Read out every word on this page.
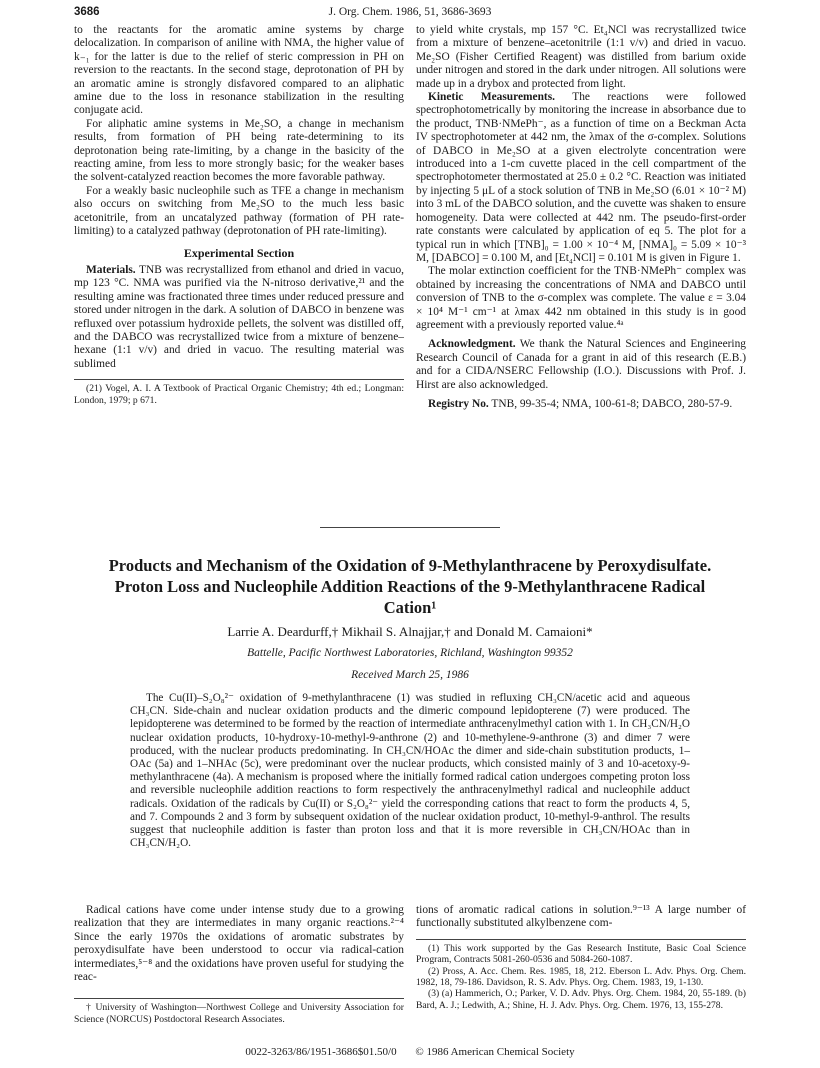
3686	J. Org. Chem. 1986, 51, 3686-3693

to the reactants for the aromatic amine systems by charge delocalization. In comparison of aniline with NMA, the higher value of k₋₁ for the latter is due to the relief of steric compression in PH on reversion to the reactants. In the second stage, deprotonation of PH by an aromatic amine is strongly disfavored compared to an aliphatic amine due to the loss in resonance stabilization in the resulting conjugate acid.

For aliphatic amine systems in Me₂SO, a change in mechanism results, from formation of PH being rate-determining to its deprotonation being rate-limiting, by a change in the basicity of the reacting amine, from less to more strongly basic; for the weaker bases the solvent-catalyzed reaction becomes the more favorable pathway.

For a weakly basic nucleophile such as TFE a change in mechanism also occurs on switching from Me₂SO to the much less basic acetonitrile, from an uncatalyzed pathway (formation of PH rate-limiting) to a catalyzed pathway (deprotonation of PH rate-limiting).

Experimental Section

Materials. TNB was recrystallized from ethanol and dried in vacuo, mp 123 °C. NMA was purified via the N-nitroso derivative,²¹ and the resulting amine was fractionated three times under reduced pressure and stored under nitrogen in the dark. A solution of DABCO in benzene was refluxed over potassium hydroxide pellets, the solvent was distilled off, and the DABCO was recrystallized twice from a mixture of benzene–hexane (1:1 v/v) and dried in vacuo. The resulting material was sublimed

(21) Vogel, A. I. A Textbook of Practical Organic Chemistry; 4th ed.; Longman: London, 1979; p 671.

to yield white crystals, mp 157 °C. Et₄NCl was recrystallized twice from a mixture of benzene–acetonitrile (1:1 v/v) and dried in vacuo. Me₂SO (Fisher Certified Reagent) was distilled from barium oxide under nitrogen and stored in the dark under nitrogen. All solutions were made up in a drybox and protected from light.

Kinetic Measurements. The reactions were followed spectrophotometrically by monitoring the increase in absorbance due to the product, TNB·NMePh⁻, as a function of time on a Beckman Acta IV spectrophotometer at 442 nm, the λmax of the σ-complex. Solutions of DABCO in Me₂SO at a given electrolyte concentration were introduced into a 1-cm cuvette placed in the cell compartment of the spectrophotometer thermostated at 25.0 ± 0.2 °C. Reaction was initiated by injecting 5 μL of a stock solution of TNB in Me₂SO (6.01 × 10⁻² M) into 3 mL of the DABCO solution, and the cuvette was shaken to ensure homogeneity. Data were collected at 442 nm. The pseudo-first-order rate constants were calculated by application of eq 5. The plot for a typical run in which [TNB]₀ = 1.00 × 10⁻⁴ M, [NMA]₀ = 5.09 × 10⁻³ M, [DABCO] = 0.100 M, and [Et₄NCl] = 0.101 M is given in Figure 1.

The molar extinction coefficient for the TNB·NMePh⁻ complex was obtained by increasing the concentrations of NMA and DABCO until conversion of TNB to the σ-complex was complete. The value ε = 3.04 × 10⁴ M⁻¹ cm⁻¹ at λmax 442 nm obtained in this study is in good agreement with a previously reported value.⁴ᵃ

Acknowledgment. We thank the Natural Sciences and Engineering Research Council of Canada for a grant in aid of this research (E.B.) and for a CIDA/NSERC Fellowship (I.O.). Discussions with Prof. J. Hirst are also acknowledged.

Registry No. TNB, 99-35-4; NMA, 100-61-8; DABCO, 280-57-9.

Products and Mechanism of the Oxidation of 9-Methylanthracene by Peroxydisulfate. Proton Loss and Nucleophile Addition Reactions of the 9-Methylanthracene Radical Cation¹
Larrie A. Deardurff,† Mikhail S. Alnajjar,† and Donald M. Camaioni*
Battelle, Pacific Northwest Laboratories, Richland, Washington 99352
Received March 25, 1986
The Cu(II)–S₂O₈²⁻ oxidation of 9-methylanthracene (1) was studied in refluxing CH₃CN/acetic acid and aqueous CH₃CN. Side-chain and nuclear oxidation products and the dimeric compound lepidopterene (7) were produced. The lepidopterene was determined to be formed by the reaction of intermediate anthracenylmethyl cation with 1. In CH₃CN/H₂O nuclear oxidation products, 10-hydroxy-10-methyl-9-anthrone (2) and 10-methylene-9-anthrone (3) and dimer 7 were produced, with the nuclear products predominating. In CH₃CN/HOAc the dimer and side-chain substitution products, 1–OAc (5a) and 1–NHAc (5c), were predominant over the nuclear products, which consisted mainly of 3 and 10-acetoxy-9-methylanthracene (4a). A mechanism is proposed where the initially formed radical cation undergoes competing proton loss and reversible nucleophile addition reactions to form respectively the anthracenylmethyl radical and nucleophile adduct radicals. Oxidation of the radicals by Cu(II) or S₂O₈²⁻ yield the corresponding cations that react to form the products 4, 5, and 7. Compounds 2 and 3 form by subsequent oxidation of the nuclear oxidation product, 10-methyl-9-anthrol. The results suggest that nucleophile addition is faster than proton loss and that it is more reversible in CH₃CN/HOAc than in CH₃CN/H₂O.

Radical cations have come under intense study due to a growing realization that they are intermediates in many organic reactions.²⁻⁴ Since the early 1970s the oxidations of aromatic substrates by peroxydisulfate have been understood to occur via radical-cation intermediates,⁵⁻⁸ and the oxidations have proven useful for studying the reac-

† University of Washington—Northwest College and University Association for Science (NORCUS) Postdoctoral Research Associates.

tions of aromatic radical cations in solution.⁹⁻¹³ A large number of functionally substituted alkylbenzene com-

(1) This work supported by the Gas Research Institute, Basic Coal Science Program, Contracts 5081-260-0536 and 5084-260-1087.

(2) Pross, A. Acc. Chem. Res. 1985, 18, 212. Eberson L. Adv. Phys. Org. Chem. 1982, 18, 79-186. Davidson, R. S. Adv. Phys. Org. Chem. 1983, 19, 1-130.

(3) (a) Hammerich, O.; Parker, V. D. Adv. Phys. Org. Chem. 1984, 20, 55-189. (b) Bard, A. J.; Ledwith, A.; Shine, H. J. Adv. Phys. Org. Chem. 1976, 13, 155-278.

0022-3263/86/1951-3686$01.50/0 © 1986 American Chemical Society
